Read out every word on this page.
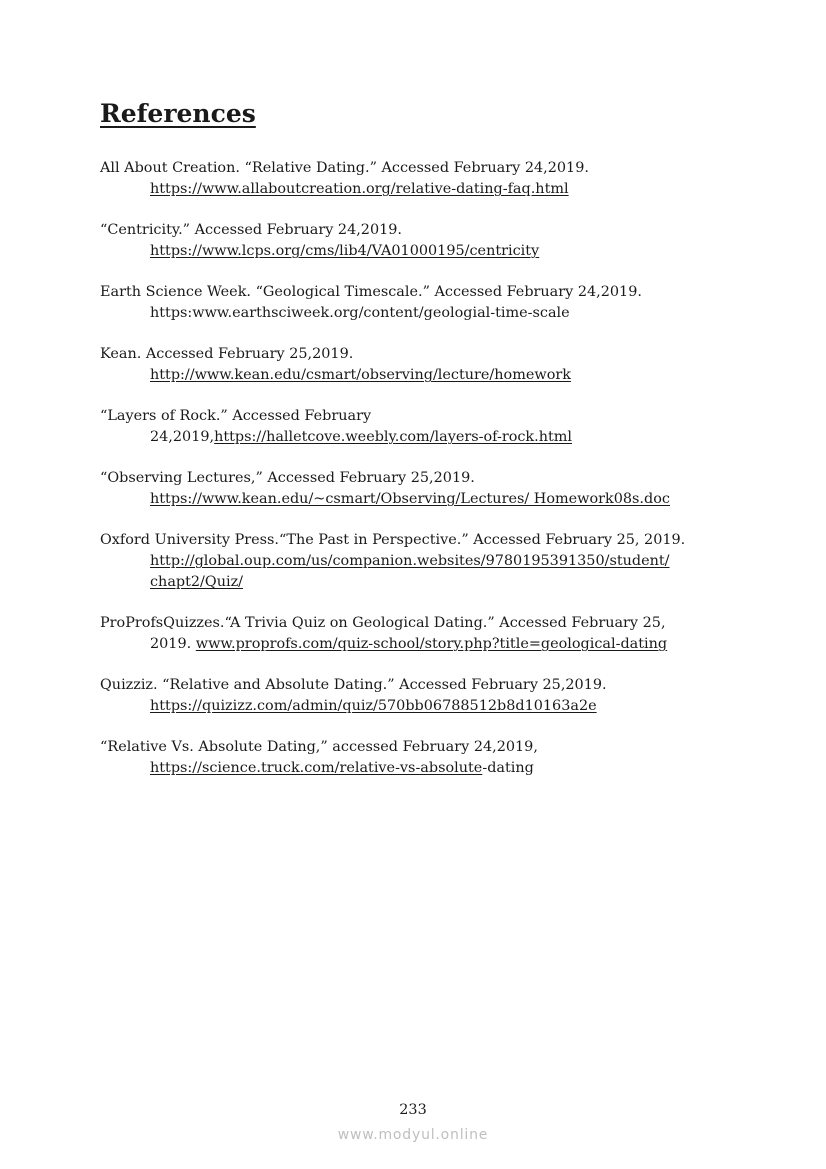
References
All About Creation. “Relative Dating.” Accessed February 24,2019.
https://www.allaboutcreation.org/relative-dating-faq.html
“Centricity.” Accessed February 24,2019.
https://www.lcps.org/cms/lib4/VA01000195/centricity
Earth Science Week. “Geological Timescale.” Accessed February 24,2019.
https:www.earthsciweek.org/content/geologial-time-scale
Kean. Accessed February 25,2019.
http://www.kean.edu/csmart/observing/lecture/homework
“Layers of Rock.” Accessed February
24,2019,https://halletcove.weebly.com/layers-of-rock.html
“Observing Lectures,” Accessed February 25,2019.
https://www.kean.edu/~csmart/Observing/Lectures/ Homework08s.doc
Oxford University Press.“The Past in Perspective.” Accessed February 25, 2019.
http://global.oup.com/us/companion.websites/9780195391350/student/
chapt2/Quiz/
ProProfsQuizzes.“A Trivia Quiz on Geological Dating.” Accessed February 25,
2019. www.proprofs.com/quiz-school/story.php?title=geological-dating
Quizziz. “Relative and Absolute Dating.” Accessed February 25,2019.
https://quizizz.com/admin/quiz/570bb06788512b8d10163a2e
“Relative Vs. Absolute Dating,” accessed February 24,2019,
https://science.truck.com/relative-vs-absolute-dating
233
www.modyul.online
